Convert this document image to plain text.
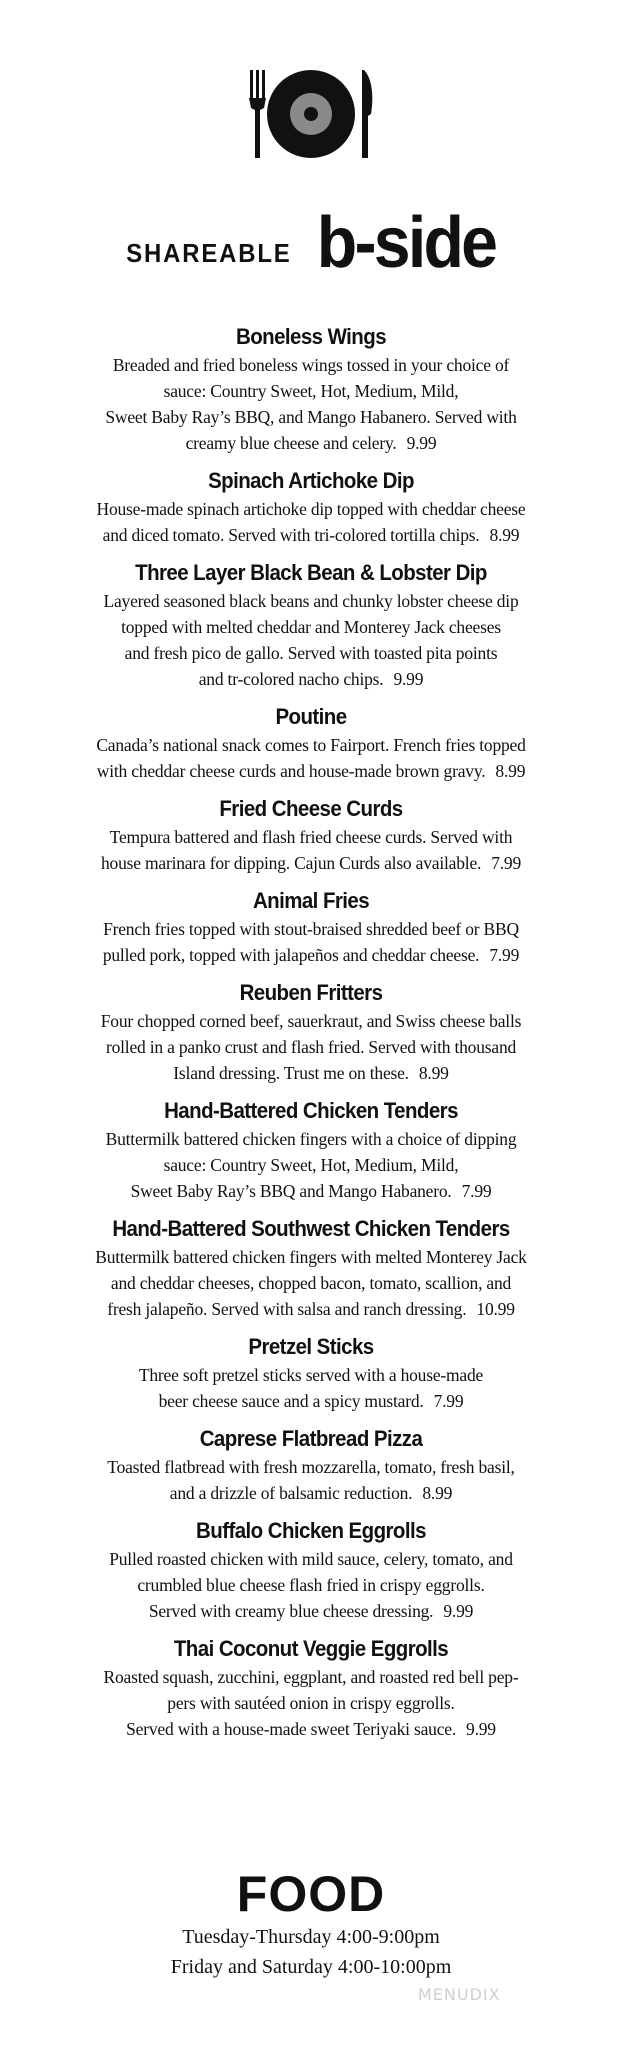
SHAREABLE b-side
Boneless Wings
Breaded and fried boneless wings tossed in your choice of
sauce: Country Sweet, Hot, Medium, Mild,
Sweet Baby Ray’s BBQ, and Mango Habanero. Served with
creamy blue cheese and celery. 9.99
Spinach Artichoke Dip
House-made spinach artichoke dip topped with cheddar cheese
and diced tomato. Served with tri-colored tortilla chips. 8.99
Three Layer Black Bean & Lobster Dip
Layered seasoned black beans and chunky lobster cheese dip
topped with melted cheddar and Monterey Jack cheeses
and fresh pico de gallo. Served with toasted pita points
and tr-colored nacho chips. 9.99
Poutine
Canada’s national snack comes to Fairport. French fries topped
with cheddar cheese curds and house-made brown gravy. 8.99
Fried Cheese Curds
Tempura battered and flash fried cheese curds. Served with
house marinara for dipping. Cajun Curds also available. 7.99
Animal Fries
French fries topped with stout-braised shredded beef or BBQ
pulled pork, topped with jalapeños and cheddar cheese. 7.99
Reuben Fritters
Four chopped corned beef, sauerkraut, and Swiss cheese balls
rolled in a panko crust and flash fried. Served with thousand
Island dressing. Trust me on these. 8.99
Hand-Battered Chicken Tenders
Buttermilk battered chicken fingers with a choice of dipping
sauce: Country Sweet, Hot, Medium, Mild,
Sweet Baby Ray’s BBQ and Mango Habanero. 7.99
Hand-Battered Southwest Chicken Tenders
Buttermilk battered chicken fingers with melted Monterey Jack
and cheddar cheeses, chopped bacon, tomato, scallion, and
fresh jalapeño. Served with salsa and ranch dressing. 10.99
Pretzel Sticks
Three soft pretzel sticks served with a house-made
beer cheese sauce and a spicy mustard. 7.99
Caprese Flatbread Pizza
Toasted flatbread with fresh mozzarella, tomato, fresh basil,
and a drizzle of balsamic reduction. 8.99
Buffalo Chicken Eggrolls
Pulled roasted chicken with mild sauce, celery, tomato, and
crumbled blue cheese flash fried in crispy eggrolls.
Served with creamy blue cheese dressing. 9.99
Thai Coconut Veggie Eggrolls
Roasted squash, zucchini, eggplant, and roasted red bell pep-
pers with sautéed onion in crispy eggrolls.
Served with a house-made sweet Teriyaki sauce. 9.99
FOOD
Tuesday-Thursday 4:00-9:00pm
Friday and Saturday 4:00-10:00pm
MENUDIX
